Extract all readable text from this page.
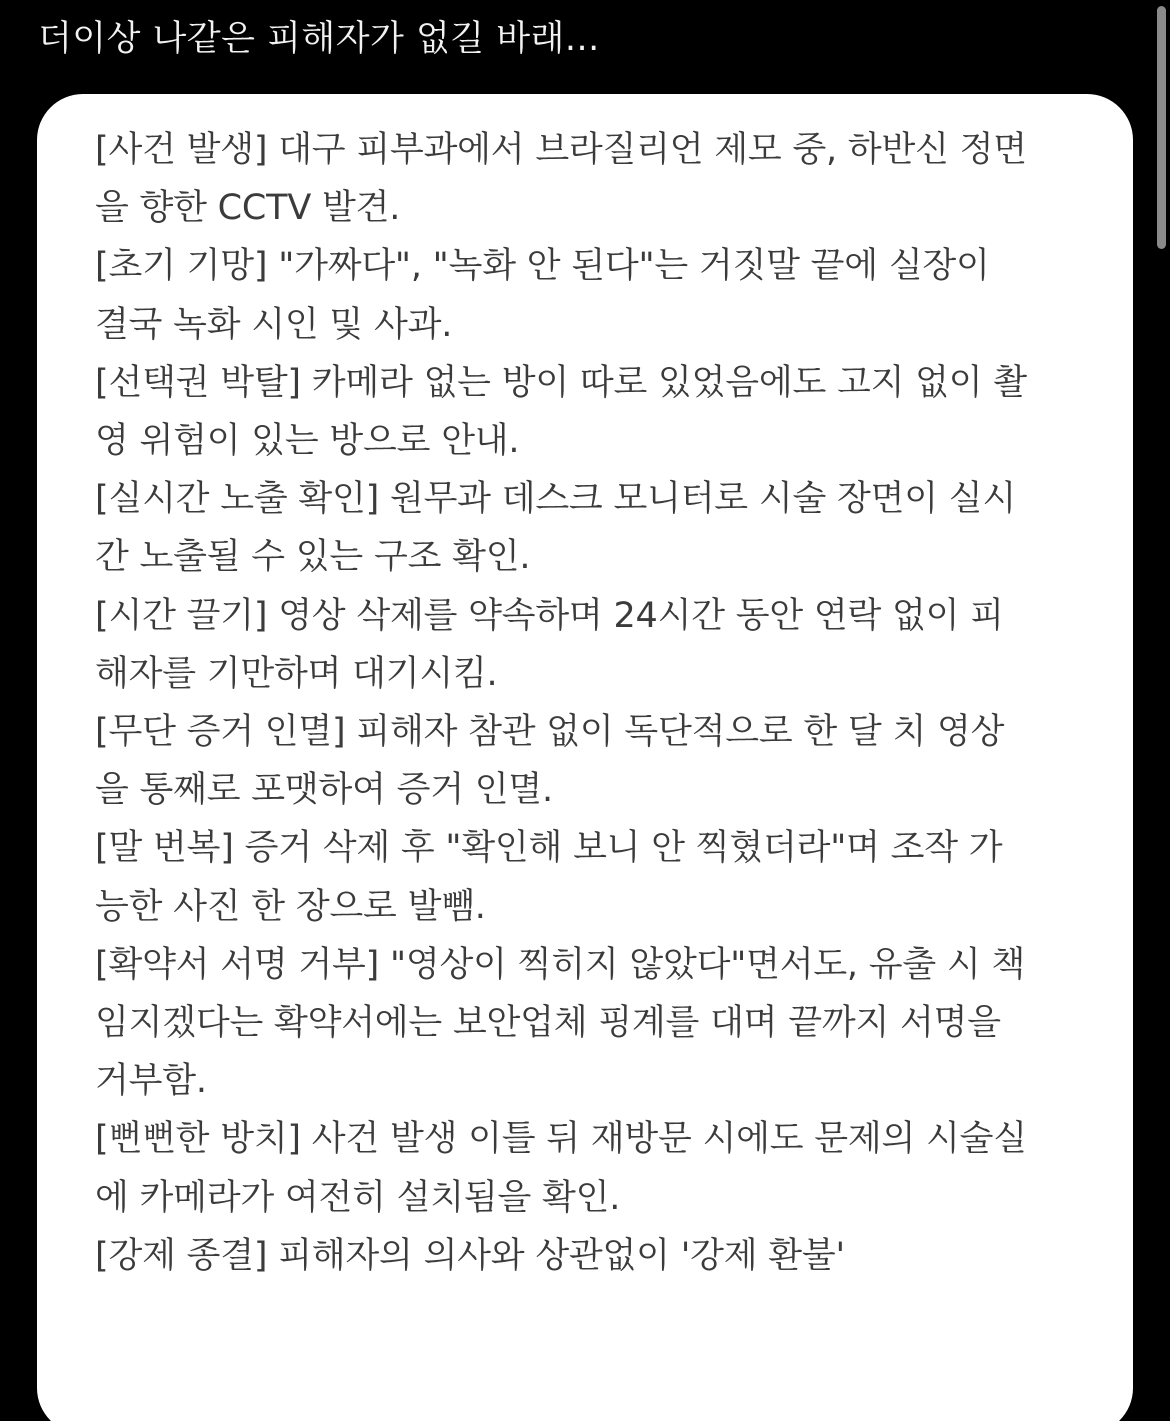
더이상 나같은 피해자가 없길 바래...
[사건 발생] 대구 피부과에서 브라질리언 제모 중, 하반신 정면
을 향한 CCTV 발견.
[초기 기망] "가짜다", "녹화 안 된다"는 거짓말 끝에 실장이
결국 녹화 시인 및 사과.
[선택권 박탈] 카메라 없는 방이 따로 있었음에도 고지 없이 촬
영 위험이 있는 방으로 안내.
[실시간 노출 확인] 원무과 데스크 모니터로 시술 장면이 실시
간 노출될 수 있는 구조 확인.
[시간 끌기] 영상 삭제를 약속하며 24시간 동안 연락 없이 피
해자를 기만하며 대기시킴.
[무단 증거 인멸] 피해자 참관 없이 독단적으로 한 달 치 영상
을 통째로 포맷하여 증거 인멸.
[말 번복] 증거 삭제 후 "확인해 보니 안 찍혔더라"며 조작 가
능한 사진 한 장으로 발뺌.
[확약서 서명 거부] "영상이 찍히지 않았다"면서도, 유출 시 책
임지겠다는 확약서에는 보안업체 핑계를 대며 끝까지 서명을
거부함.
[뻔뻔한 방치] 사건 발생 이틀 뒤 재방문 시에도 문제의 시술실
에 카메라가 여전히 설치됨을 확인.
[강제 종결] 피해자의 의사와 상관없이 '강제 환불'
